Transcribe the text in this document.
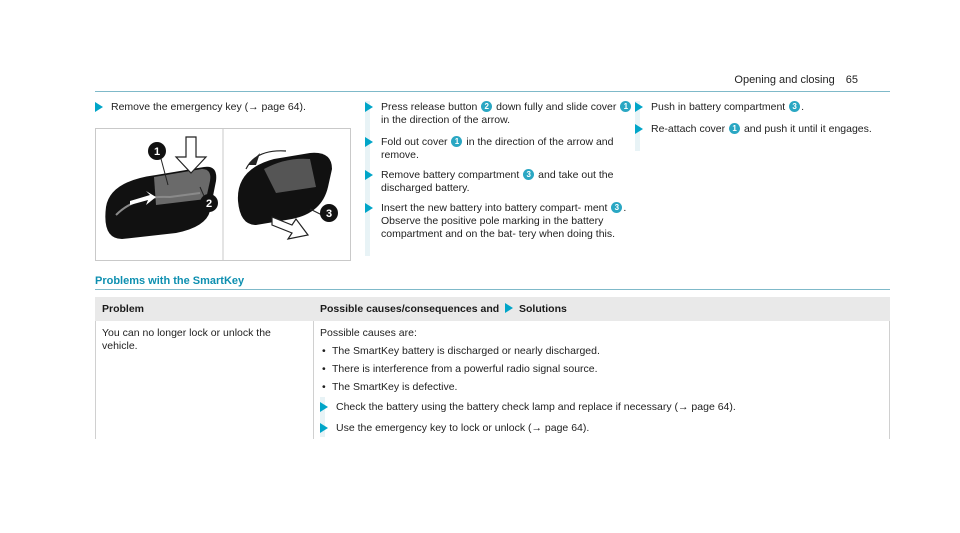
Opening and closing 65
Remove the emergency key (→ page 64).
1
2
3
Press release button 2 down fully and slide cover 1 in the direction of the arrow.
Fold out cover 1 in the direction of the arrow and remove.
Remove battery compartment 3 and take out the discharged battery.
Insert the new battery into battery compart- ment 3 . Observe the positive pole marking in the battery compartment and on the bat- tery when doing this.
Push in battery compartment 3 .
Re-attach cover 1 and push it until it engages.
Problems with the SmartKey
Problem	Possible causes/consequences and Solutions
You can no longer lock or unlock the vehicle.
Possible causes are:
• The SmartKey battery is discharged or nearly discharged.
• There is interference from a powerful radio signal source.
• The SmartKey is defective.
Check the battery using the battery check lamp and replace if necessary (→ page 64).
Use the emergency key to lock or unlock (→ page 64).
